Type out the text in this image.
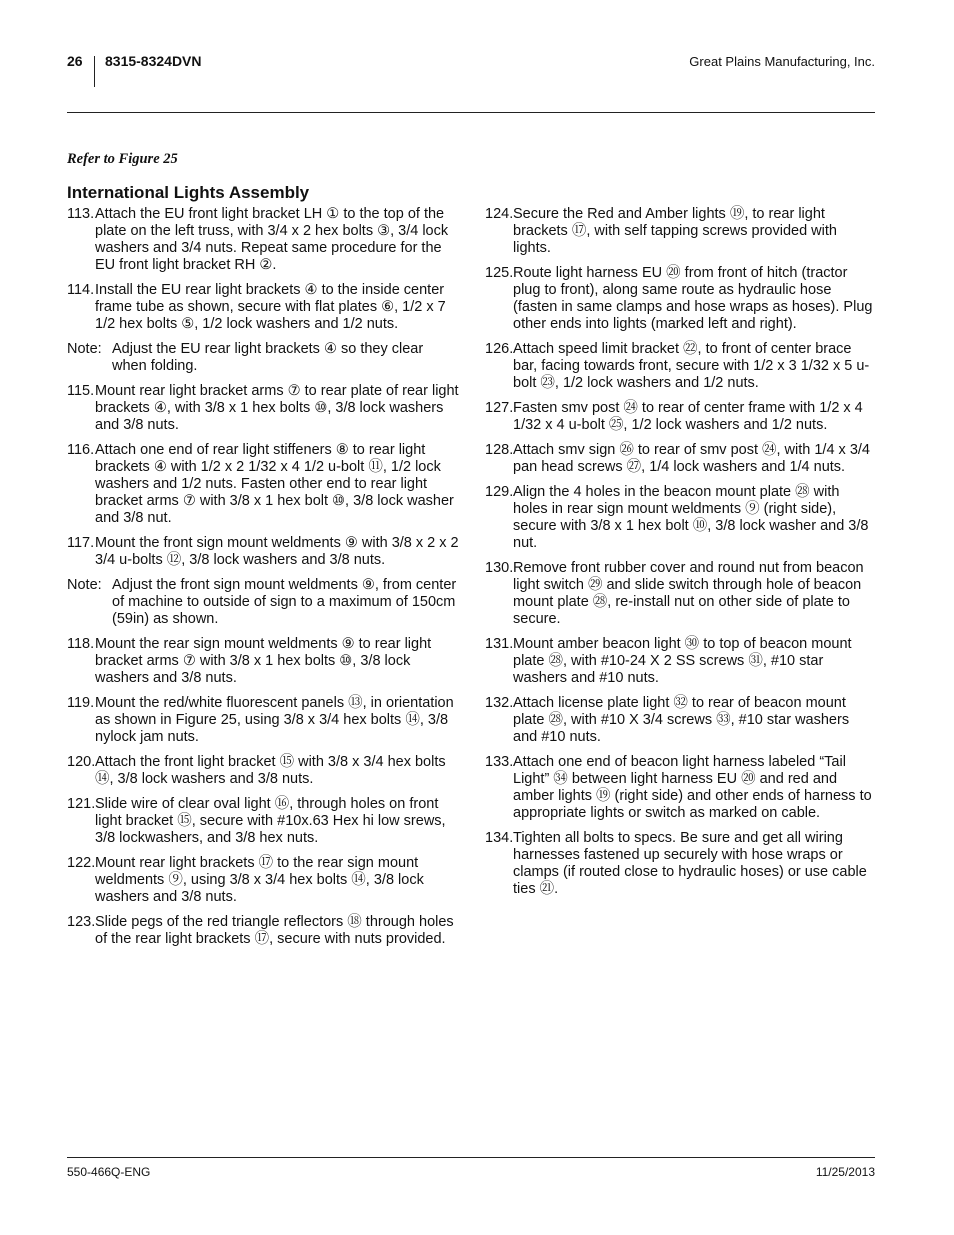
26 8315-8324DVN	Great Plains Manufacturing, Inc.
Refer to Figure 25
International Lights Assembly
113. Attach the EU front light bracket LH ① to the top of the plate on the left truss, with 3/4 x 2 hex bolts ③, 3/4 lock washers and 3/4 nuts. Repeat same procedure for the EU front light bracket RH ②.
114. Install the EU rear light brackets ④ to the inside center frame tube as shown, secure with flat plates ⑥, 1/2 x 7 1/2 hex bolts ⑤, 1/2 lock washers and 1/2 nuts.
Note: Adjust the EU rear light brackets ④ so they clear when folding.
115. Mount rear light bracket arms ⑦ to rear plate of rear light brackets ④, with 3/8 x 1 hex bolts ⑩, 3/8 lock washers and 3/8 nuts.
116. Attach one end of rear light stiffeners ⑧ to rear light brackets ④ with 1/2 x 2 1/32 x 4 1/2 u-bolt ⑪, 1/2 lock washers and 1/2 nuts. Fasten other end to rear light bracket arms ⑦ with 3/8 x 1 hex bolt ⑩, 3/8 lock washer and 3/8 nut.
117. Mount the front sign mount weldments ⑨ with 3/8 x 2 x 2 3/4 u-bolts ⑫, 3/8 lock washers and 3/8 nuts.
Note: Adjust the front sign mount weldments ⑨, from center of machine to outside of sign to a maximum of 150cm (59in) as shown.
118. Mount the rear sign mount weldments ⑨ to rear light bracket arms ⑦ with 3/8 x 1 hex bolts ⑩, 3/8 lock washers and 3/8 nuts.
119. Mount the red/white fluorescent panels ⑬, in orientation as shown in Figure 25, using 3/8 x 3/4 hex bolts ⑭, 3/8 nylock jam nuts.
120. Attach the front light bracket ⑮ with 3/8 x 3/4 hex bolts ⑭, 3/8 lock washers and 3/8 nuts.
121. Slide wire of clear oval light ⑯, through holes on front light bracket ⑮, secure with #10x.63 Hex hi low srews, 3/8 lockwashers, and 3/8 hex nuts.
122. Mount rear light brackets ⑰ to the rear sign mount weldments ⑨, using 3/8 x 3/4 hex bolts ⑭, 3/8 lock washers and 3/8 nuts.
123. Slide pegs of the red triangle reflectors ⑱ through holes of the rear light brackets ⑰, secure with nuts provided.
124. Secure the Red and Amber lights ⑲, to rear light brackets ⑰, with self tapping screws provided with lights.
125. Route light harness EU ⑳ from front of hitch (tractor plug to front), along same route as hydraulic hose (fasten in same clamps and hose wraps as hoses). Plug other ends into lights (marked left and right).
126. Attach speed limit bracket ㉒, to front of center brace bar, facing towards front, secure with 1/2 x 3 1/32 x 5 u-bolt ㉓, 1/2 lock washers and 1/2 nuts.
127. Fasten smv post ㉔ to rear of center frame with 1/2 x 4 1/32 x 4 u-bolt ㉕, 1/2 lock washers and 1/2 nuts.
128. Attach smv sign ㉖ to rear of smv post ㉔, with 1/4 x 3/4 pan head screws ㉗, 1/4 lock washers and 1/4 nuts.
129. Align the 4 holes in the beacon mount plate ㉘ with holes in rear sign mount weldments ⑨ (right side), secure with 3/8 x 1 hex bolt ⑩, 3/8 lock washer and 3/8 nut.
130. Remove front rubber cover and round nut from beacon light switch ㉙ and slide switch through hole of beacon mount plate ㉘, re-install nut on other side of plate to secure.
131. Mount amber beacon light ㉚ to top of beacon mount plate ㉘, with #10-24 X 2 SS screws ㉛, #10 star washers and #10 nuts.
132. Attach license plate light ㉜ to rear of beacon mount plate ㉘, with #10 X 3/4 screws ㉝, #10 star washers and #10 nuts.
133. Attach one end of beacon light harness labeled “Tail Light” ㉞ between light harness EU ⑳ and red and amber lights ⑲ (right side) and other ends of harness to appropriate lights or switch as marked on cable.
134. Tighten all bolts to specs. Be sure and get all wiring harnesses fastened up securely with hose wraps or clamps (if routed close to hydraulic hoses) or use cable ties ㉑.
550-466Q-ENG	11/25/2013
